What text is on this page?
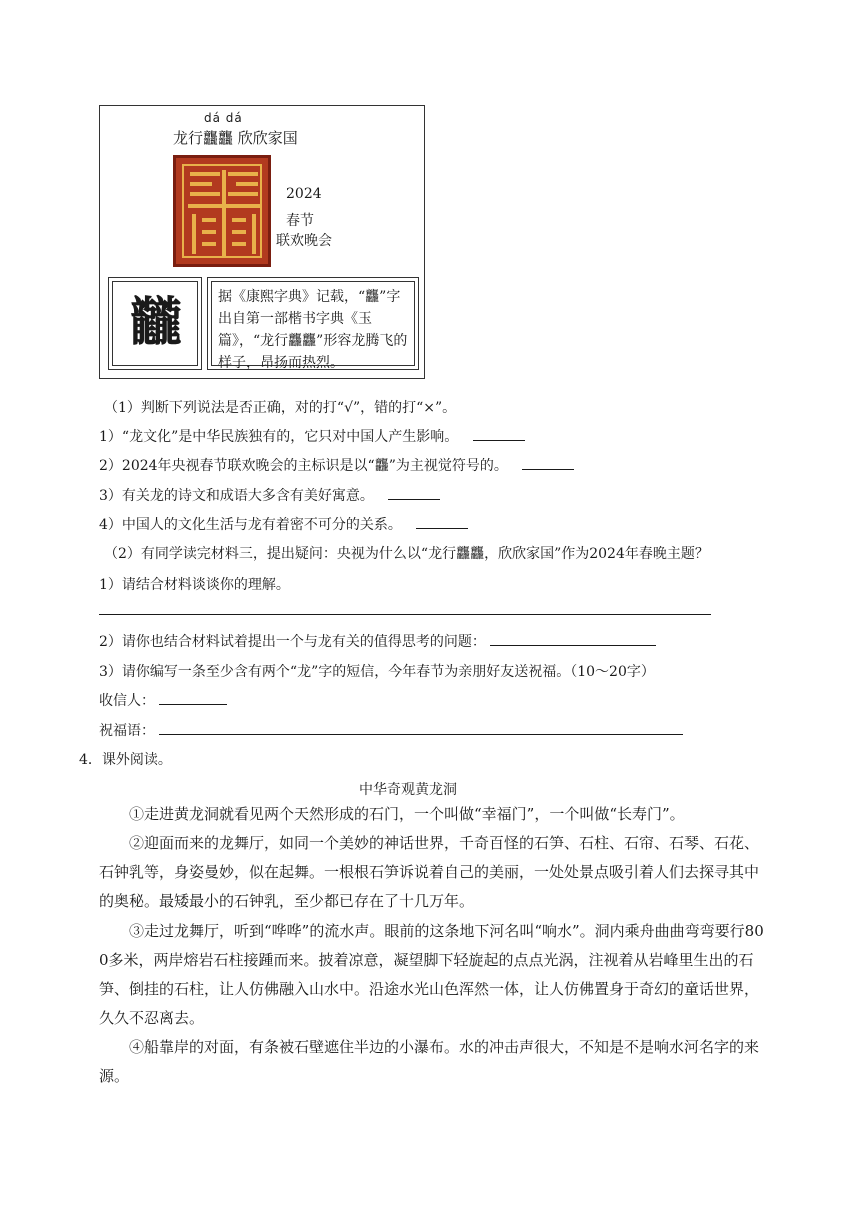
dá dá
龙行龘龘 欣欣家国
2024
春节
联欢晚会
龖	据《康熙字典》记载，“龘”字出自第一部楷书字典《玉篇》，“龙行龘龘”形容龙腾飞的样子，昂扬而热烈。
（1）判断下列说法是否正确，对的打“√”，错的打“×”。
1）“龙文化”是中华民族独有的，它只对中国人产生影响。
2）2024年央视春节联欢晚会的主标识是以“龘”为主视觉符号的。
3）有关龙的诗文和成语大多含有美好寓意。
4）中国人的文化生活与龙有着密不可分的关系。
（2）有同学读完材料三，提出疑问：央视为什么以“龙行龘龘，欣欣家国”作为2024年春晚主题？
1）请结合材料谈谈你的理解。
2）请你也结合材料试着提出一个与龙有关的值得思考的问题：
3）请你编写一条至少含有两个“龙”字的短信，今年春节为亲朋好友送祝福。（10～20字）
收信人：
祝福语：
4．课外阅读。
中华奇观黄龙洞
①走进黄龙洞就看见两个天然形成的石门，一个叫做“幸福门”，一个叫做“长寿门”。
②迎面而来的龙舞厅，如同一个美妙的神话世界，千奇百怪的石笋、石柱、石帘、石琴、石花、石钟乳等，身姿曼妙，似在起舞。一根根石笋诉说着自己的美丽，一处处景点吸引着人们去探寻其中的奥秘。最矮最小的石钟乳，至少都已存在了十几万年。
③走过龙舞厅，听到“哗哗”的流水声。眼前的这条地下河名叫“响水”。洞内乘舟曲曲弯弯要行800多米，两岸熔岩石柱接踵而来。披着凉意，凝望脚下轻旋起的点点光涡，注视着从岩峰里生出的石笋、倒挂的石柱，让人仿佛融入山水中。沿途水光山色浑然一体，让人仿佛置身于奇幻的童话世界，久久不忍离去。
④船靠岸的对面，有条被石壁遮住半边的小瀑布。水的冲击声很大，不知是不是响水河名字的来源。
